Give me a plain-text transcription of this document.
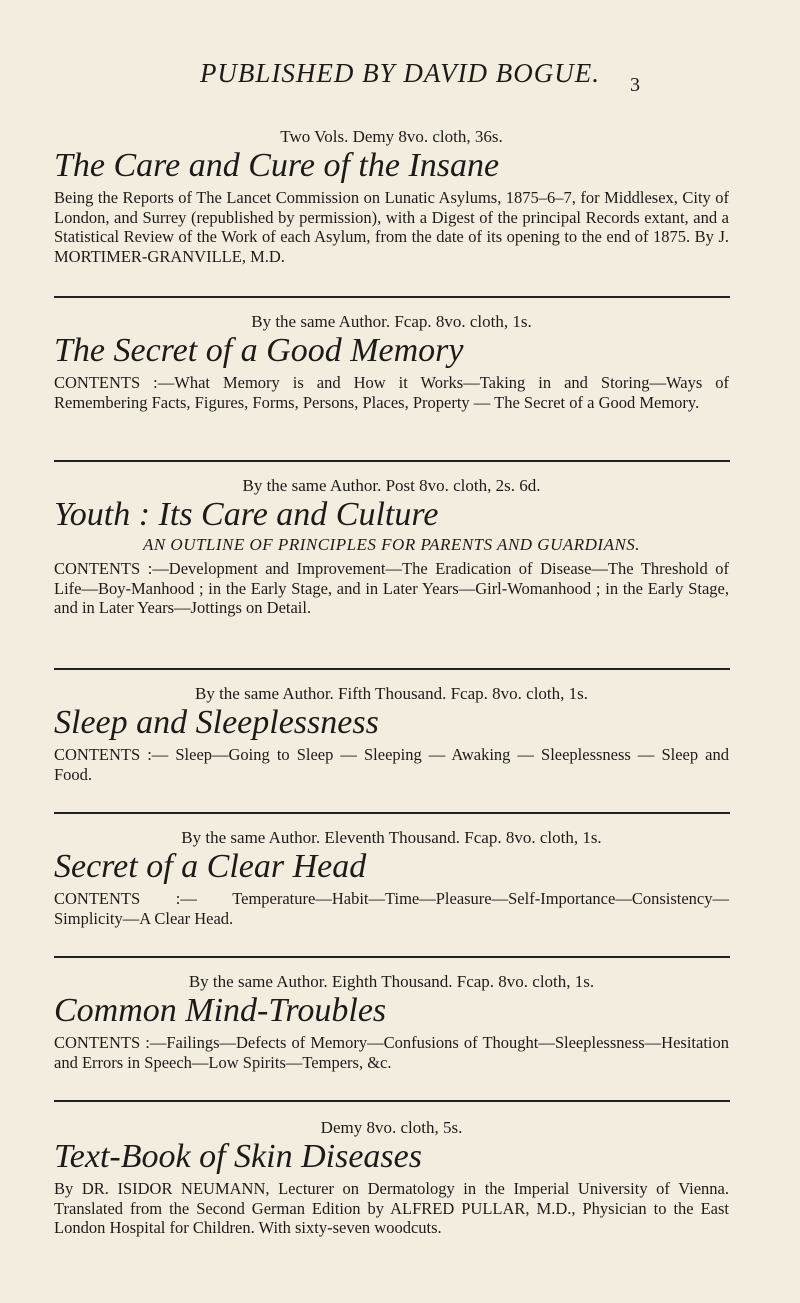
PUBLISHED BY DAVID BOGUE.	3

Two Vols. Demy 8vo. cloth, 36s.

The Care and Cure of the Insane

Being the Reports of The Lancet Commission on Lunatic Asylums, 1875–6–7, for Middlesex, City of London, and Surrey (republished by permission), with a Digest of the principal Records extant, and a Statistical Review of the Work of each Asylum, from the date of its opening to the end of 1875. By J. MORTIMER-GRANVILLE, M.D.

By the same Author. Fcap. 8vo. cloth, 1s.

The Secret of a Good Memory

CONTENTS :—What Memory is and How it Works—Taking in and Storing—Ways of Remembering Facts, Figures, Forms, Persons, Places, Property — The Secret of a Good Memory.

By the same Author. Post 8vo. cloth, 2s. 6d.

Youth : Its Care and Culture

AN OUTLINE OF PRINCIPLES FOR PARENTS AND GUARDIANS.

CONTENTS :—Development and Improvement—The Eradication of Disease—The Threshold of Life—Boy-Manhood ; in the Early Stage, and in Later Years—Girl-Womanhood ; in the Early Stage, and in Later Years—Jottings on Detail.

By the same Author. Fifth Thousand. Fcap. 8vo. cloth, 1s.

Sleep and Sleeplessness

CONTENTS :— Sleep—Going to Sleep — Sleeping — Awaking — Sleeplessness — Sleep and Food.

By the same Author. Eleventh Thousand. Fcap. 8vo. cloth, 1s.

Secret of a Clear Head

CONTENTS :— Temperature—Habit—Time—Pleasure—Self-Importance—Consistency—Simplicity—A Clear Head.

By the same Author. Eighth Thousand. Fcap. 8vo. cloth, 1s.

Common Mind-Troubles

CONTENTS :—Failings—Defects of Memory—Confusions of Thought—Sleeplessness—Hesitation and Errors in Speech—Low Spirits—Tempers, &c.

Demy 8vo. cloth, 5s.

Text-Book of Skin Diseases

By DR. ISIDOR NEUMANN, Lecturer on Dermatology in the Imperial University of Vienna. Translated from the Second German Edition by ALFRED PULLAR, M.D., Physician to the East London Hospital for Children. With sixty-seven woodcuts.
